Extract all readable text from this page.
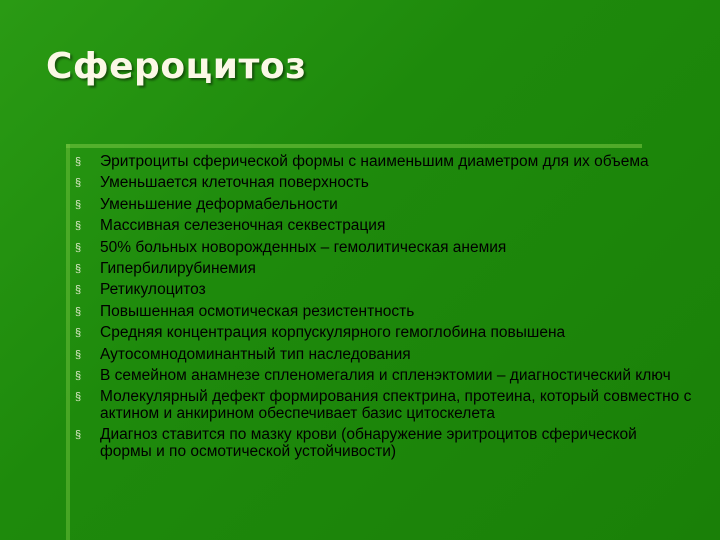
Сфероцитоз
§ Эритроциты сферической формы с наименьшим диаметром для их объема
§ Уменьшается клеточная поверхность
§ Уменьшение деформабельности
§ Массивная селезеночная секвестрация
§ 50% больных новорожденных – гемолитическая анемия
§ Гипербилирубинемия
§ Ретикулоцитоз
§ Повышенная осмотическая резистентность
§ Средняя концентрация корпускулярного гемоглобина повышена
§ Аутосомнодоминантный тип наследования
§ В семейном анамнезе спленомегалия и спленэктомии – диагностический ключ
§ Молекулярный дефект формирования спектрина, протеина, который совместно с актином и анкирином обеспечивает базис цитоскелета
§ Диагноз ставится по мазку крови (обнаружение эритроцитов сферической формы и по осмотической устойчивости)
